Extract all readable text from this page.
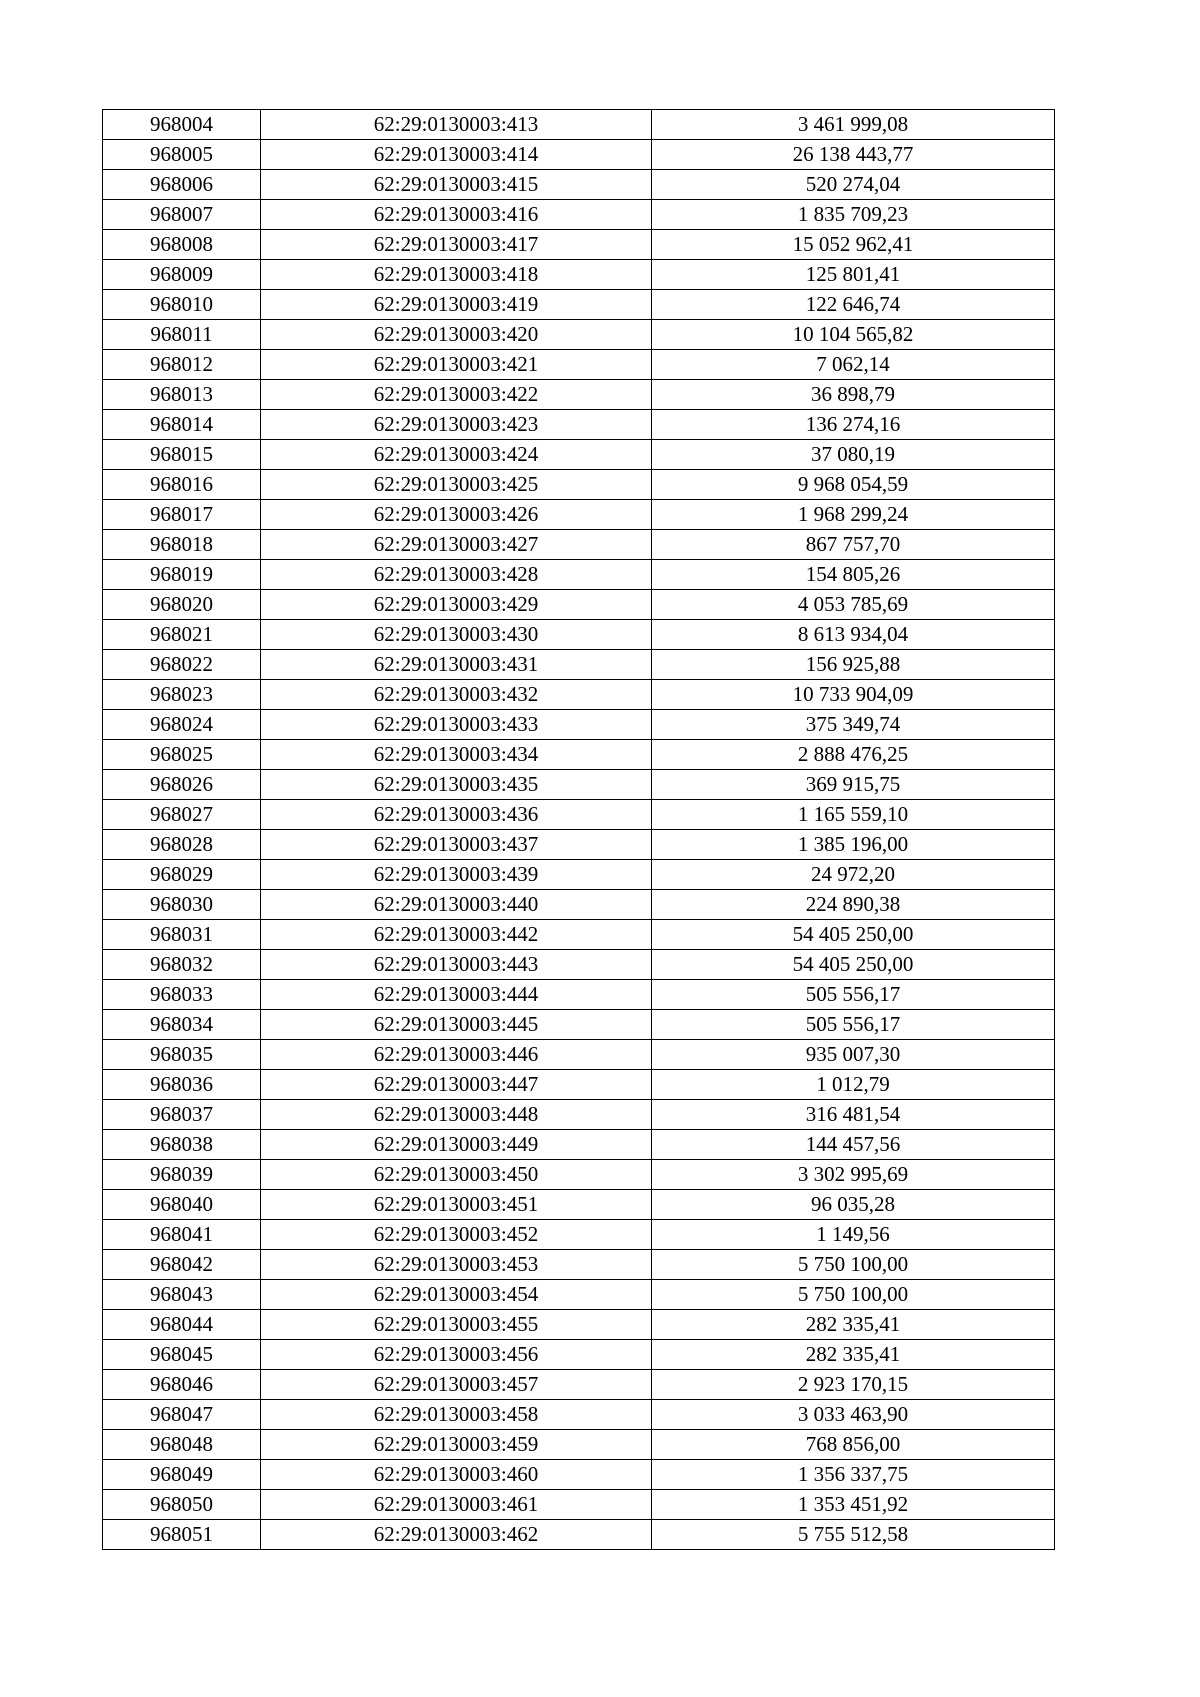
968004	62:29:0130003:413	3 461 999,08
968005	62:29:0130003:414	26 138 443,77
968006	62:29:0130003:415	520 274,04
968007	62:29:0130003:416	1 835 709,23
968008	62:29:0130003:417	15 052 962,41
968009	62:29:0130003:418	125 801,41
968010	62:29:0130003:419	122 646,74
968011	62:29:0130003:420	10 104 565,82
968012	62:29:0130003:421	7 062,14
968013	62:29:0130003:422	36 898,79
968014	62:29:0130003:423	136 274,16
968015	62:29:0130003:424	37 080,19
968016	62:29:0130003:425	9 968 054,59
968017	62:29:0130003:426	1 968 299,24
968018	62:29:0130003:427	867 757,70
968019	62:29:0130003:428	154 805,26
968020	62:29:0130003:429	4 053 785,69
968021	62:29:0130003:430	8 613 934,04
968022	62:29:0130003:431	156 925,88
968023	62:29:0130003:432	10 733 904,09
968024	62:29:0130003:433	375 349,74
968025	62:29:0130003:434	2 888 476,25
968026	62:29:0130003:435	369 915,75
968027	62:29:0130003:436	1 165 559,10
968028	62:29:0130003:437	1 385 196,00
968029	62:29:0130003:439	24 972,20
968030	62:29:0130003:440	224 890,38
968031	62:29:0130003:442	54 405 250,00
968032	62:29:0130003:443	54 405 250,00
968033	62:29:0130003:444	505 556,17
968034	62:29:0130003:445	505 556,17
968035	62:29:0130003:446	935 007,30
968036	62:29:0130003:447	1 012,79
968037	62:29:0130003:448	316 481,54
968038	62:29:0130003:449	144 457,56
968039	62:29:0130003:450	3 302 995,69
968040	62:29:0130003:451	96 035,28
968041	62:29:0130003:452	1 149,56
968042	62:29:0130003:453	5 750 100,00
968043	62:29:0130003:454	5 750 100,00
968044	62:29:0130003:455	282 335,41
968045	62:29:0130003:456	282 335,41
968046	62:29:0130003:457	2 923 170,15
968047	62:29:0130003:458	3 033 463,90
968048	62:29:0130003:459	768 856,00
968049	62:29:0130003:460	1 356 337,75
968050	62:29:0130003:461	1 353 451,92
968051	62:29:0130003:462	5 755 512,58
